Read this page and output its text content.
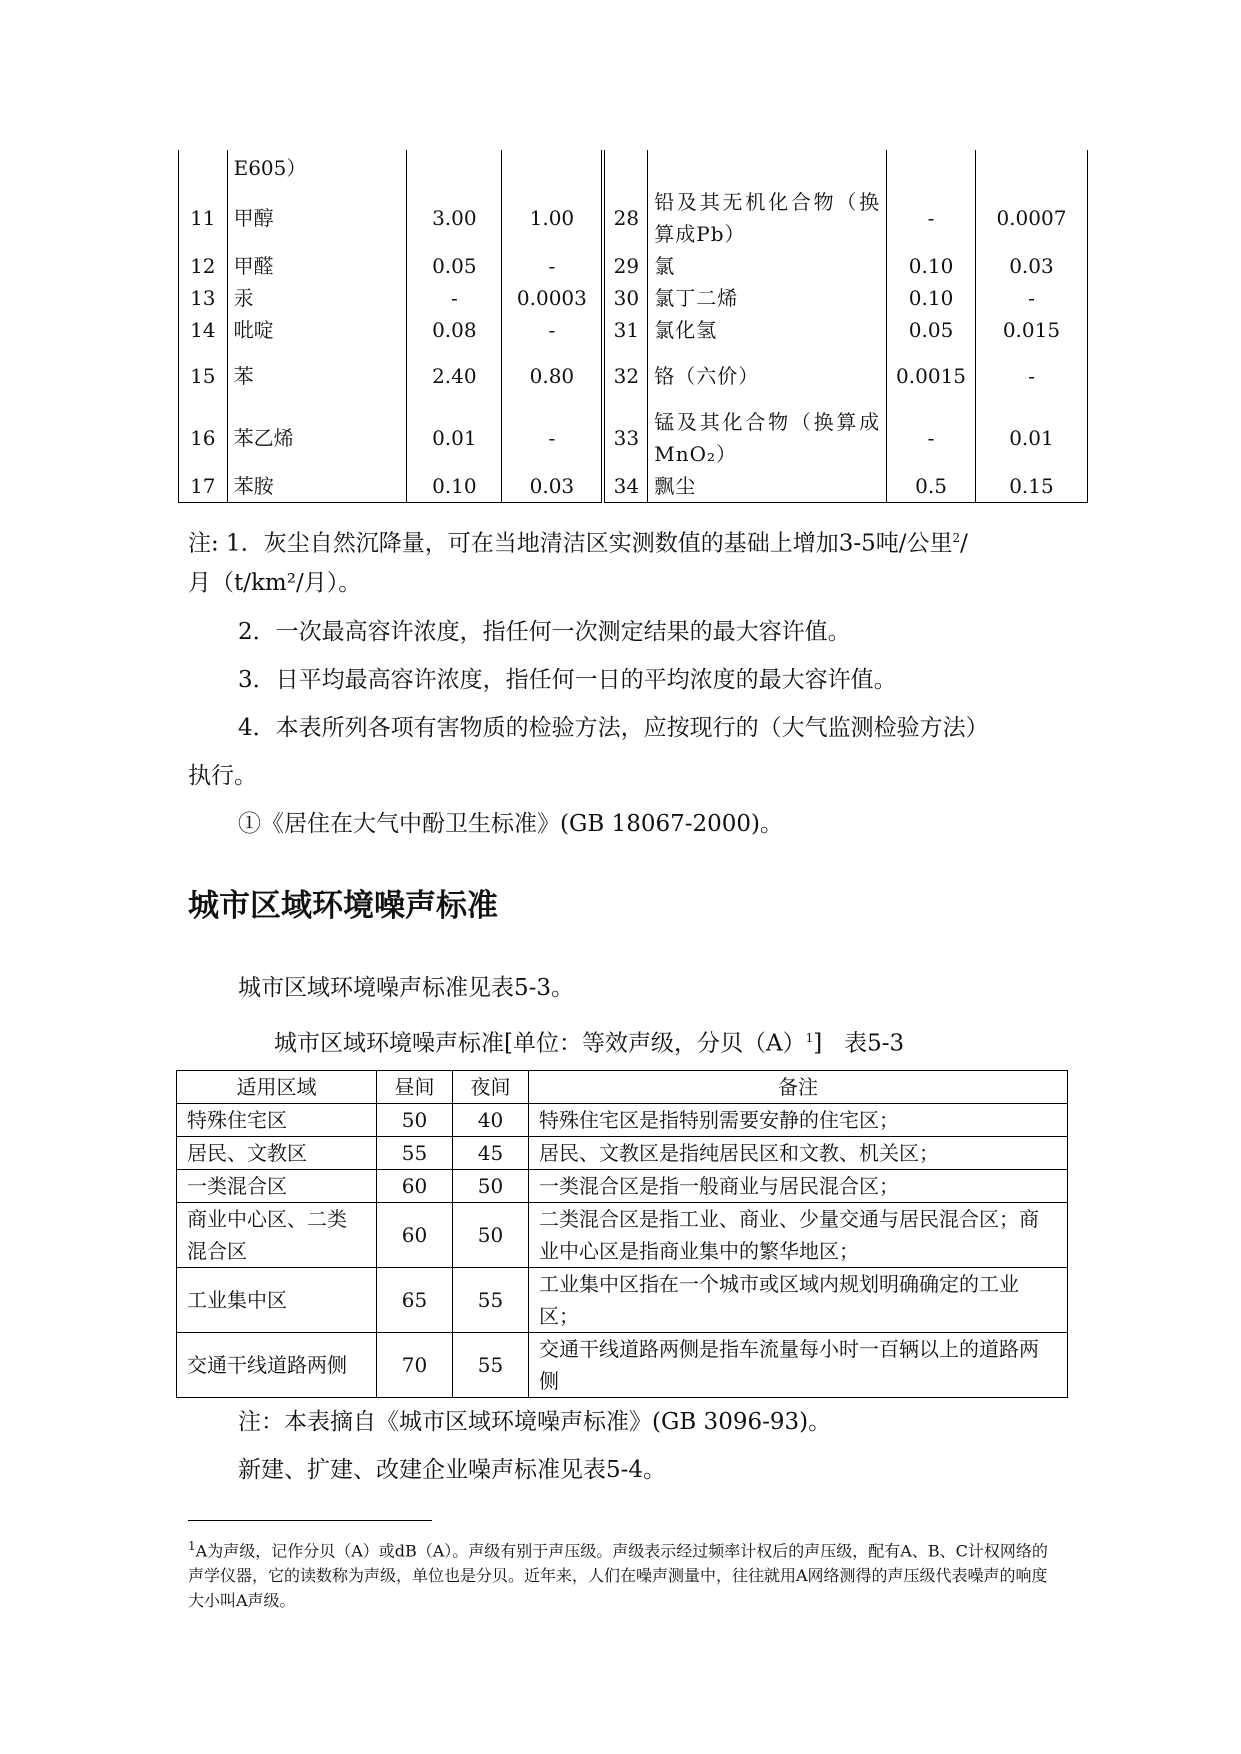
	E605）						
11	甲醇	3.00	1.00	28	铅及其无机化合物（换算成Pb）	-	0.0007
12	甲醛	0.05	-	29	氯	0.10	0.03
13	汞	-	0.0003	30	氯丁二烯	0.10	-
14	吡啶	0.08	-	31	氯化氢	0.05	0.015
15	苯	2.40	0.80	32	铬（六价）	0.0015	-
16	苯乙烯	0.01	-	33	锰及其化合物（换算成MnO₂）	-	0.01
17	苯胺	0.10	0.03	34	飘尘	0.5	0.15

注: 1．灰尘自然沉降量，可在当地清洁区实测数值的基础上增加3-5吨/公里$^2$/

月（t/km²/月）。

2．一次最高容许浓度，指任何一次测定结果的最大容许值。

3．日平均最高容许浓度，指任何一日的平均浓度的最大容许值。

4．本表所列各项有害物质的检验方法，应按现行的（大气监测检验方法）

执行。

①《居住在大气中酚卫生标准》(GB 18067-2000)。

城市区域环境噪声标准

城市区域环境噪声标准见表5-3。

城市区域环境噪声标准[单位：等效声级，分贝$(A)^1$] 表5-3

适用区域	昼间	夜间	备注
特殊住宅区	50	40	特殊住宅区是指特别需要安静的住宅区；
居民、文教区	55	45	居民、文教区是指纯居民区和文教、机关区；
一类混合区	60	50	一类混合区是指一般商业与居民混合区；
商业中心区、二类混合区	60	50	二类混合区是指工业、商业、少量交通与居民混合区；商业中心区是指商业集中的繁华地区；
工业集中区	65	55	工业集中区指在一个城市或区域内规划明确确定的工业区；
交通干线道路两侧	70	55	交通干线道路两侧是指车流量每小时一百辆以上的道路两侧

注：本表摘自《城市区域环境噪声标准》(GB 3096-93)。

新建、扩建、改建企业噪声标准见表5-4。

$^1$A为声级，记作分贝（A）或dB（A）。声级有别于声压级。声级表示经过频率计权后的声压级，配有A、B、C计权网络的声学仪器，它的读数称为声级，单位也是分贝。近年来，人们在噪声测量中，往往就用A网络测得的声压级代表噪声的响度大小叫A声级。
